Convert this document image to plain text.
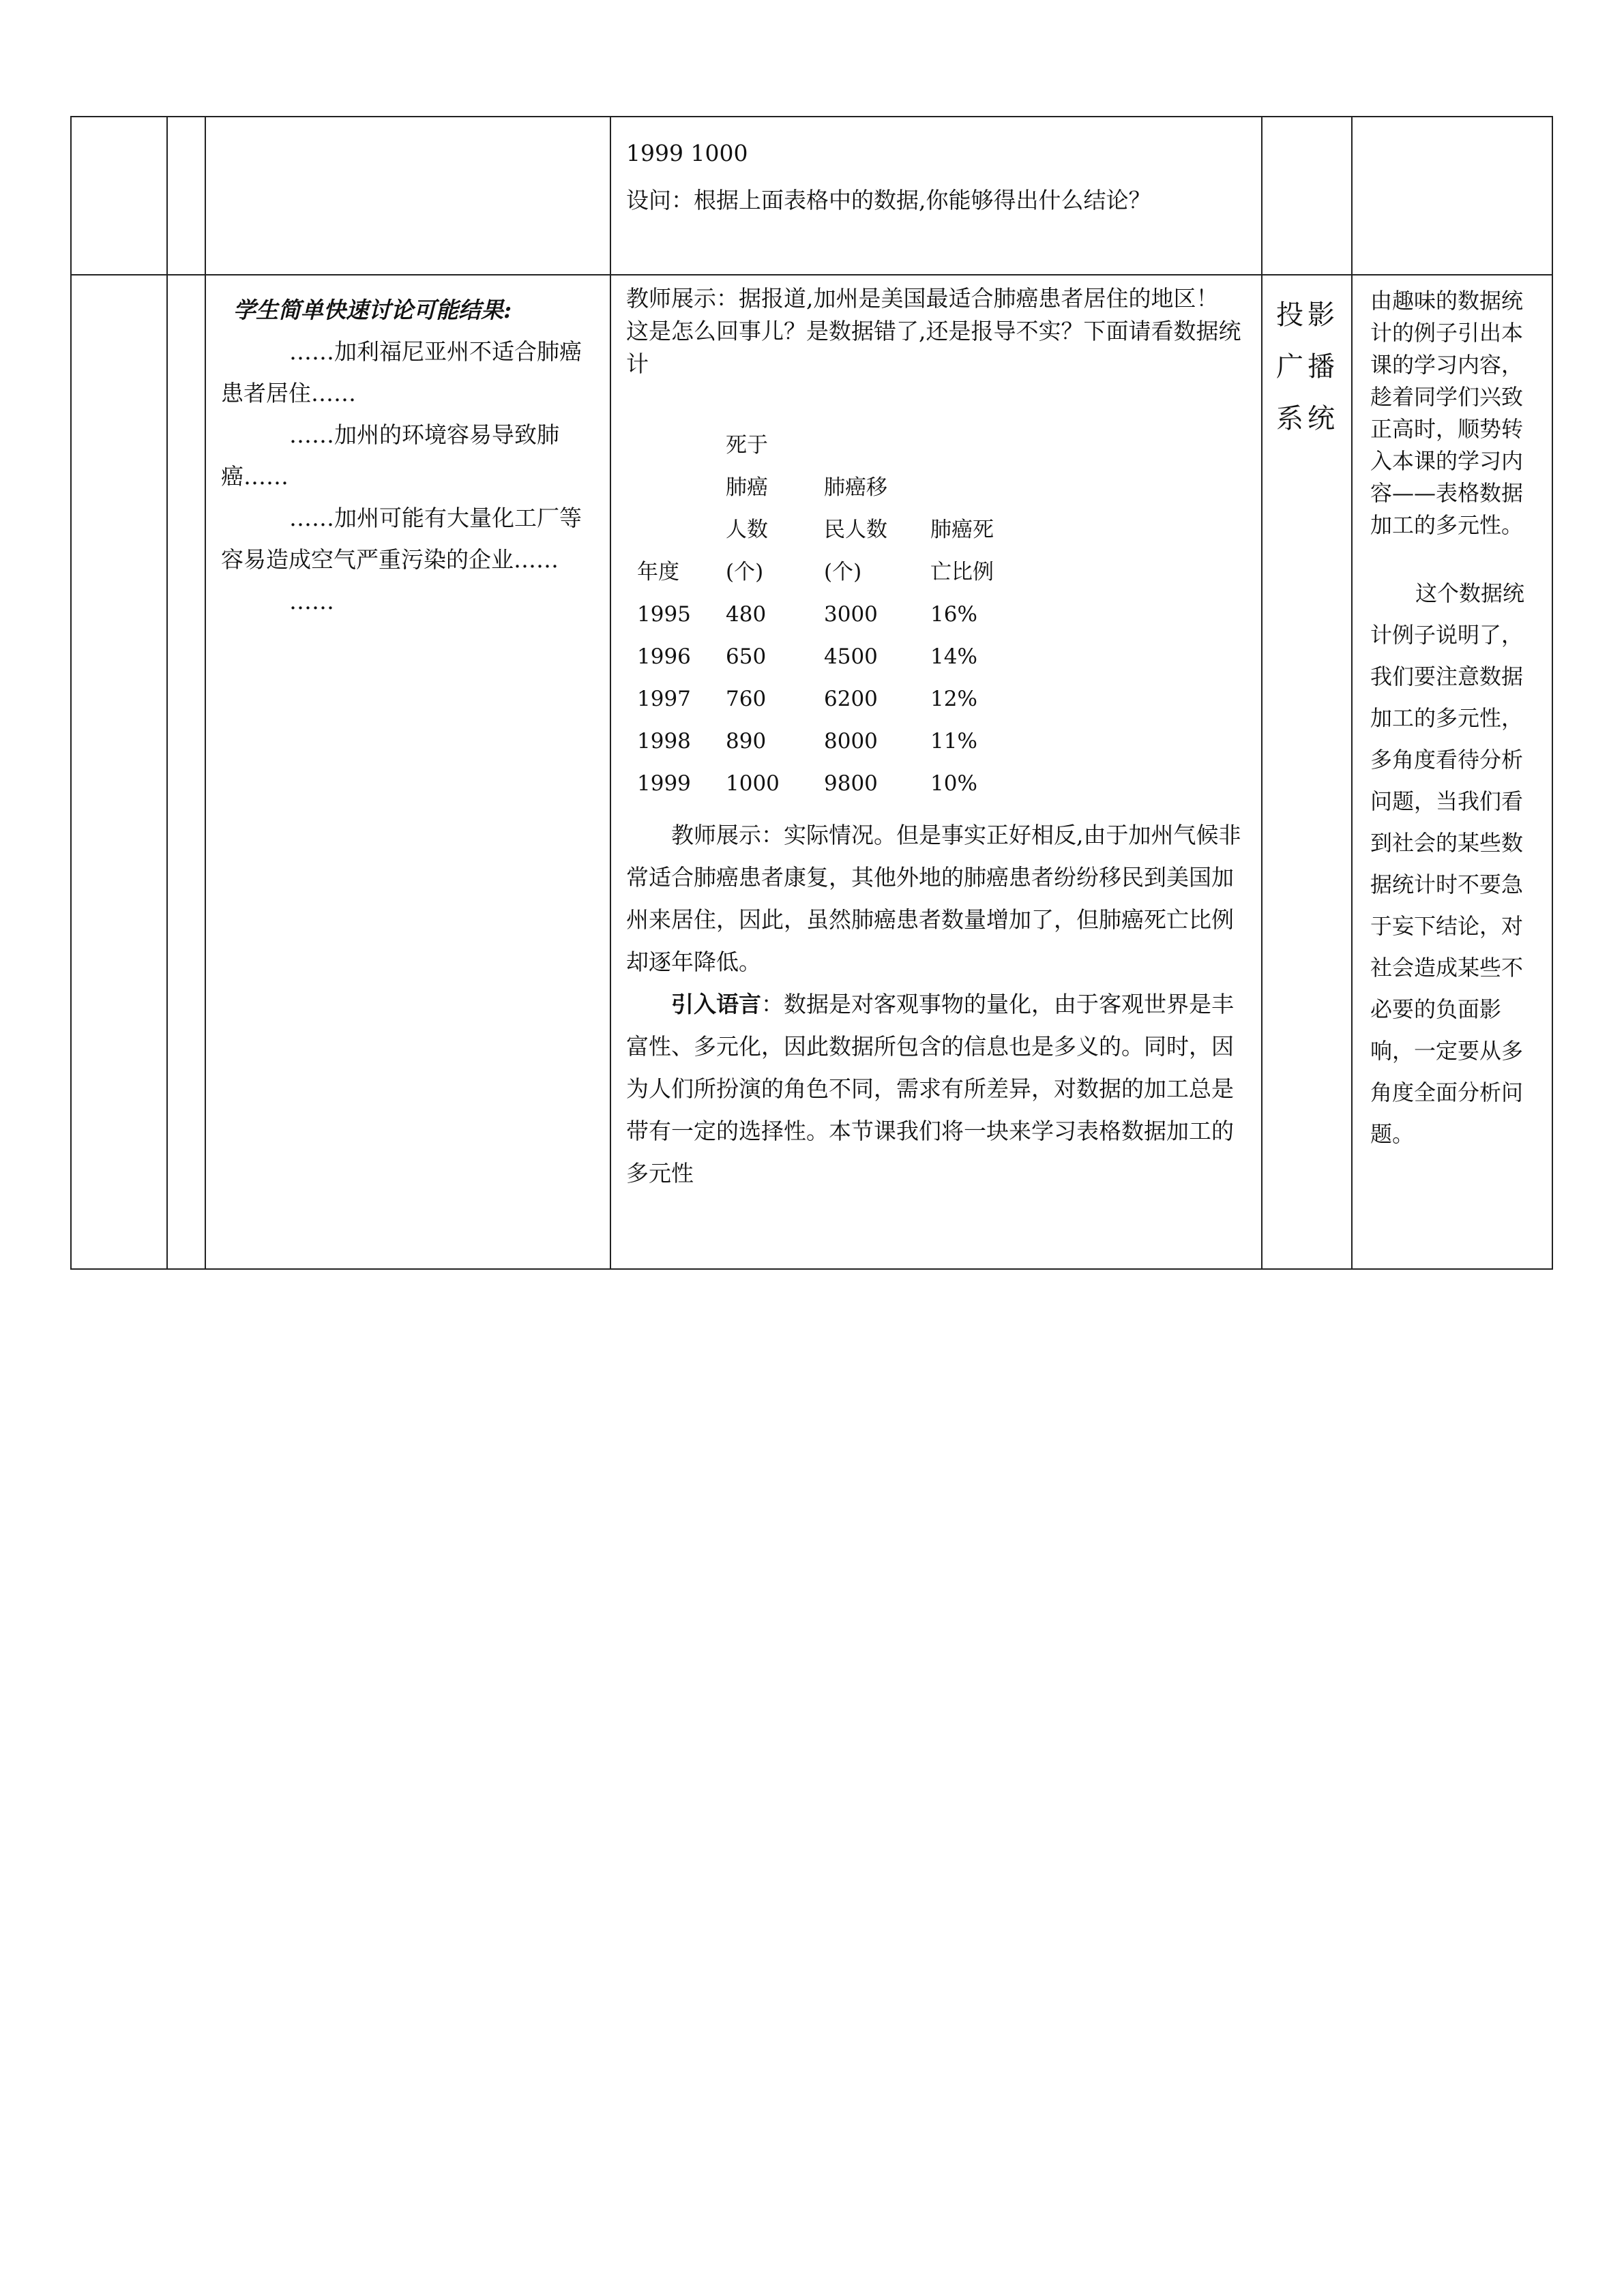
1999 1000
设问：根据上面表格中的数据,你能够得出什么结论？

学生简单快速讨论可能结果:
……加利福尼亚州不适合肺癌患者居住……
……加州的环境容易导致肺癌……
……加州可能有大量化工厂等容易造成空气严重污染的企业……
……

教师展示：据报道,加州是美国最适合肺癌患者居住的地区！

这是怎么回事儿？是数据错了,还是报导不实？下面请看数据统计

	死于		
	肺癌	肺癌移	
	人数	民人数	肺癌死
年度	(个)	(个)	亡比例
1995	480	3000	16%
1996	650	4500	14%
1997	760	6200	12%
1998	890	8000	11%
1999	1000	9800	10%

教师展示：实际情况。但是事实正好相反,由于加州气候非常适合肺癌患者康复，其他外地的肺癌患者纷纷移民到美国加州来居住，因此，虽然肺癌患者数量增加了，但肺癌死亡比例却逐年降低。

引入语言：数据是对客观事物的量化，由于客观世界是丰富性、多元化，因此数据所包含的信息也是多义的。同时，因为人们所扮演的角色不同，需求有所差异，对数据的加工总是带有一定的选择性。本节课我们将一块来学习表格数据加工的多元性

投影
广播
系统

由趣味的数据统计的例子引出本课的学习内容，趁着同学们兴致正高时，顺势转入本课的学习内容——表格数据加工的多元性。
这个数据统计例子说明了，我们要注意数据加工的多元性，多角度看待分析问题，当我们看到社会的某些数据统计时不要急于妄下结论，对社会造成某些不必要的负面影响，一定要从多角度全面分析问题。
